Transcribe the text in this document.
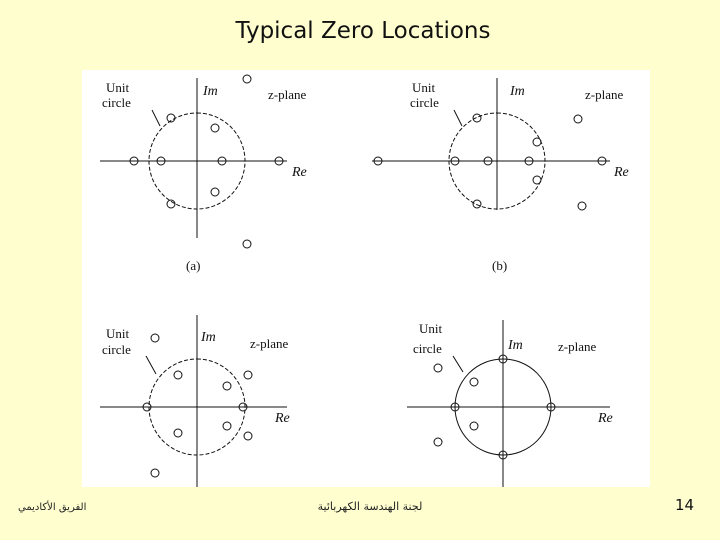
Typical Zero Locations
Unit
circle
Im	z-plane
Re
(a)
Unit
circle
Im	z-plane
Re
(b)
Unit
circle
Im	z-plane
Re
Unit
circle	Im	z-plane
Re
الفريق الأكاديمي	لجنة الهندسة الكهربائية	14
